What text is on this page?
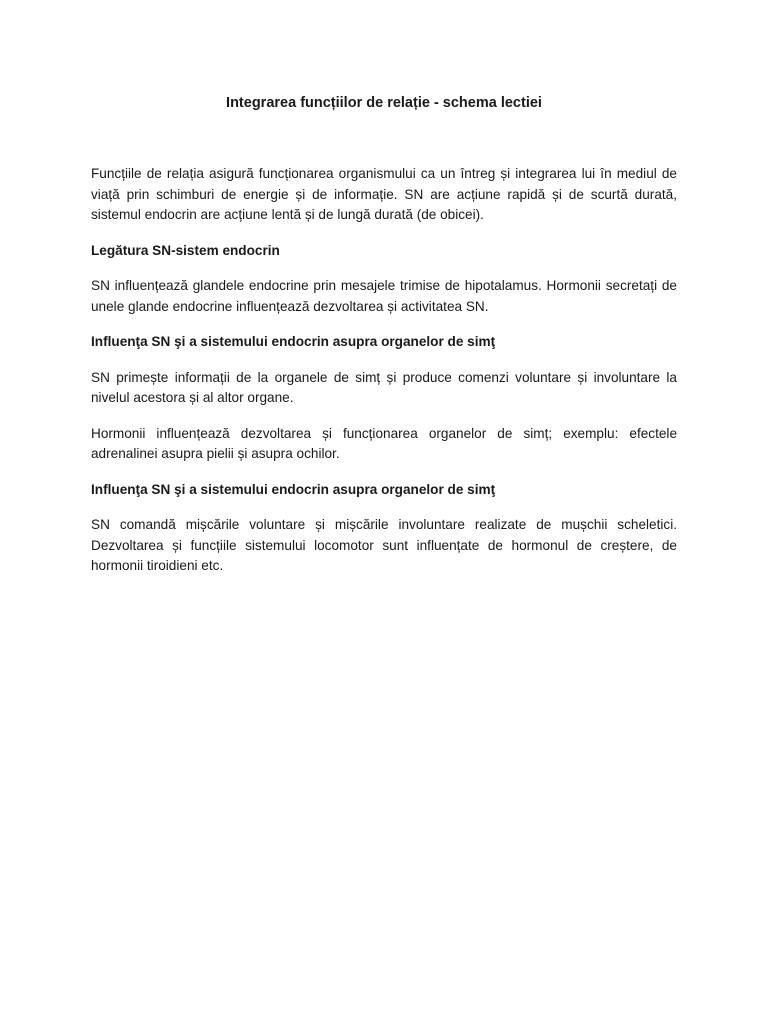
Integrarea funcțiilor de relație - schema lectiei

Funcțiile de relația asigură funcționarea organismului ca un întreg și integrarea lui în mediul de viață prin schimburi de energie și de informație. SN are acțiune rapidă și de scurtă durată, sistemul endocrin are acțiune lentă și de lungă durată (de obicei).

Legătura SN-sistem endocrin

SN influențează glandele endocrine prin mesajele trimise de hipotalamus. Hormonii secretați de unele glande endocrine influențează dezvoltarea și activitatea SN.

Influenţa SN şi a sistemului endocrin asupra organelor de simţ

SN primește informații de la organele de simț și produce comenzi voluntare și involuntare la nivelul acestora și al altor organe.

Hormonii influențează dezvoltarea și funcționarea organelor de simț; exemplu: efectele adrenalinei asupra pielii și asupra ochilor.

Influenţa SN şi a sistemului endocrin asupra organelor de simţ

SN comandă mișcările voluntare și mișcările involuntare realizate de mușchii scheletici. Dezvoltarea și funcțiile sistemului locomotor sunt influențate de hormonul de creștere, de hormonii tiroidieni etc.
